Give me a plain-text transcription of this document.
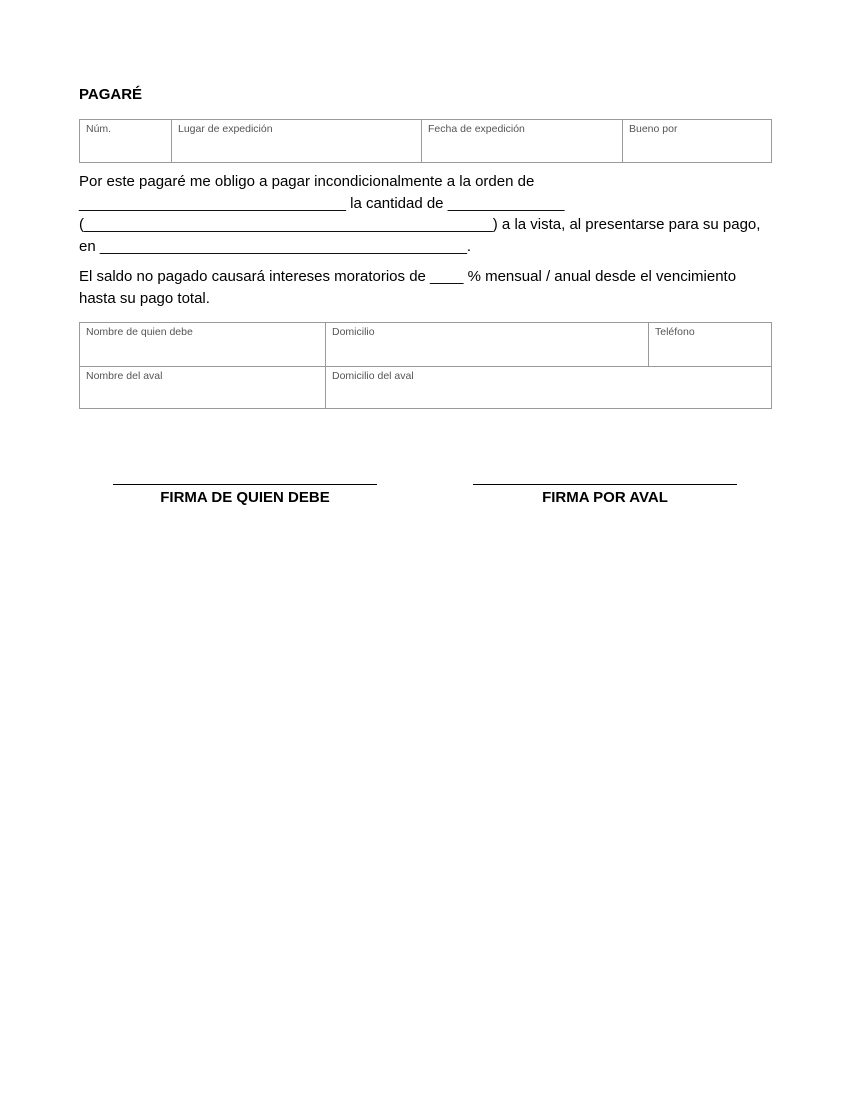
PAGARÉ
Núm.	Lugar de expedición	Fecha de expedición	Bueno por
Por este pagaré me obligo a pagar incondicionalmente a la orden de
________________________________ la cantidad de ______________
(_________________________________________________) a la vista, al presentarse para su pago,
en ____________________________________________.
El saldo no pagado causará intereses moratorios de ____ % mensual / anual desde el vencimiento
hasta su pago total.
Nombre de quien debe	Domicilio	Teléfono
Nombre del aval	Domicilio del aval
FIRMA DE QUIEN DEBE	FIRMA POR AVAL
